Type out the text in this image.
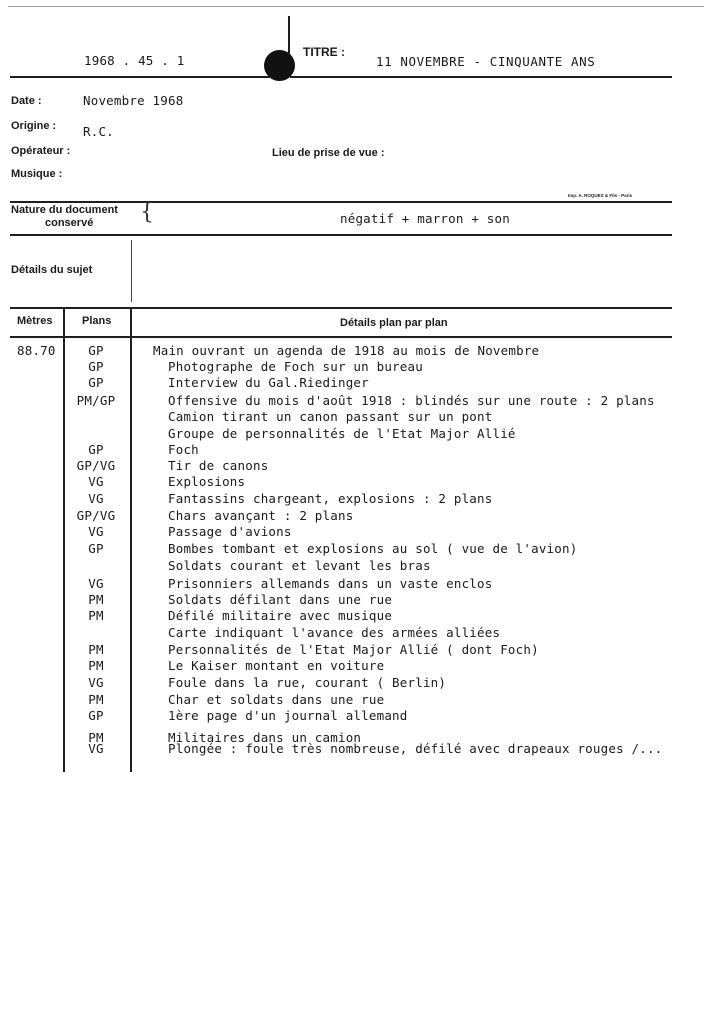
1968 . 45 . 1
TITRE :
11 NOVEMBRE - CINQUANTE ANS
Date :	Novembre 1968
Origine : R.C.
Opérateur :	Lieu de prise de vue :
Musique :
Imp. A. ROQUES & Fils - Paris
Nature du document
conservé {	négatif + marron + son
Détails du sujet
Mètres	Plans	Détails plan par plan
88.70	GP	Main ouvrant un agenda de 1918 au mois de Novembre
GP	Photographe de Foch sur un bureau
GP	Interview du Gal.Riedinger
PM/GP	Offensive du mois d'août 1918 : blindés sur une route : 2 plans
Camion tirant un canon passant sur un pont
Groupe de personnalités de l'Etat Major Allié
GP	Foch
GP/VG	Tir de canons
VG	Explosions
VG	Fantassins chargeant, explosions : 2 plans
GP/VG	Chars avançant : 2 plans
VG	Passage d'avions
GP	Bombes tombant et explosions au sol ( vue de l'avion)
Soldats courant et levant les bras
VG	Prisonniers allemands dans un vaste enclos
PM	Soldats défilant dans une rue
PM	Défilé militaire avec musique
Carte indiquant l'avance des armées alliées
PM	Personnalités de l'Etat Major Allié ( dont Foch)
PM	Le Kaiser montant en voiture
VG	Foule dans la rue, courant ( Berlin)
PM	Char et soldats dans une rue
GP	1ère page d'un journal allemand
PM	Militaires dans un camion
VG	Plongée : foule très nombreuse, défilé avec drapeaux rouges /...
